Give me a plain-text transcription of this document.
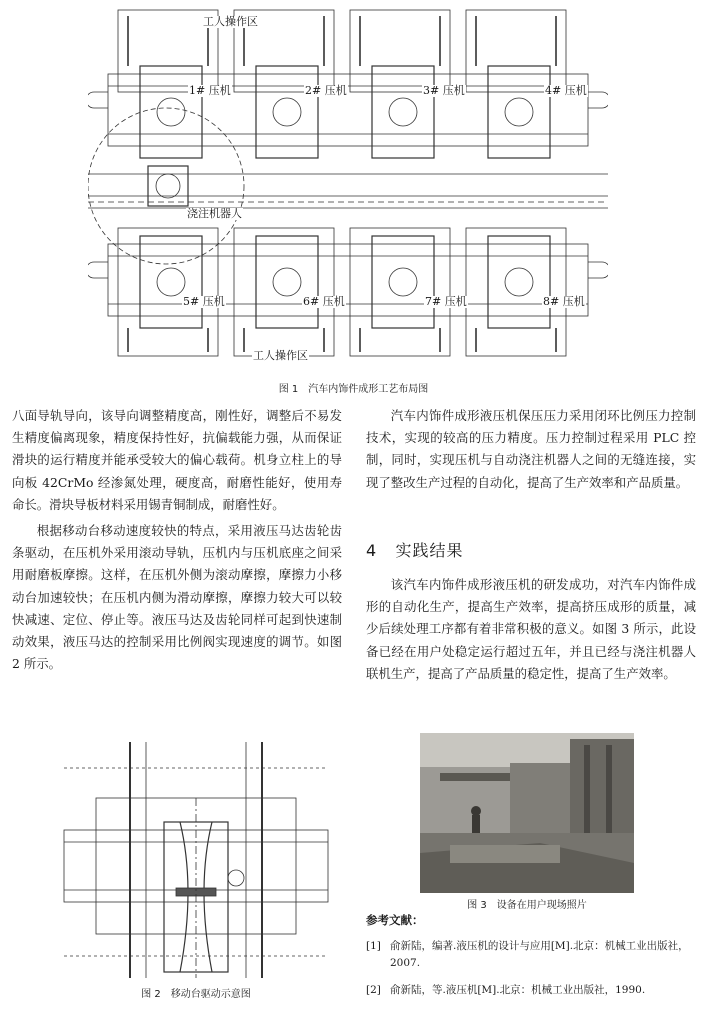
工人操作区
1# 压机	2# 压机	3# 压机	4# 压机
浇注机器人
5# 压机	6# 压机	7# 压机	8# 压机
工人操作区
图 1　汽车内饰件成形工艺布局图

八面导轨导向，该导向调整精度高，刚性好，调整后不易发生精度偏离现象，精度保持性好，抗偏载能力强，从而保证滑块的运行精度并能承受较大的偏心载荷。机身立柱上的导向板 42CrMo 经渗氮处理，硬度高，耐磨性能好，使用寿命长。滑块导板材料采用锡青铜制成，耐磨性好。

根据移动台移动速度较快的特点，采用液压马达齿轮齿条驱动，在压机外采用滚动导轨，压机内与压机底座之间采用耐磨板摩擦。这样，在压机外侧为滚动摩擦，摩擦力小移动台加速较快；在压机内侧为滑动摩擦，摩擦力较大可以较快减速、定位、停止等。液压马达及齿轮同样可起到快速制动效果，液压马达的控制采用比例阀实现速度的调节。如图 2 所示。

汽车内饰件成形液压机保压压力采用闭环比例压力控制技术，实现的较高的压力精度。压力控制过程采用 PLC 控制，同时，实现压机与自动浇注机器人之间的无缝连接，实现了整改生产过程的自动化，提高了生产效率和产品质量。

4 实践结果

该汽车内饰件成形液压机的研发成功，对汽车内饰件成形的自动化生产，提高生产效率，提高挤压成形的质量，减少后续处理工序都有着非常积极的意义。如图 3 所示，此设备已经在用户处稳定运行超过五年，并且已经与浇注机器人联机生产，提高了产品质量的稳定性，提高了生产效率。

图 2　移动台驱动示意图
图 3　设备在用户现场照片
参考文献：
[1] 俞新陆，编著.液压机的设计与应用[M].北京：机械工业出版社，2007.
[2] 俞新陆，等.液压机[M].北京：机械工业出版社，1990.
